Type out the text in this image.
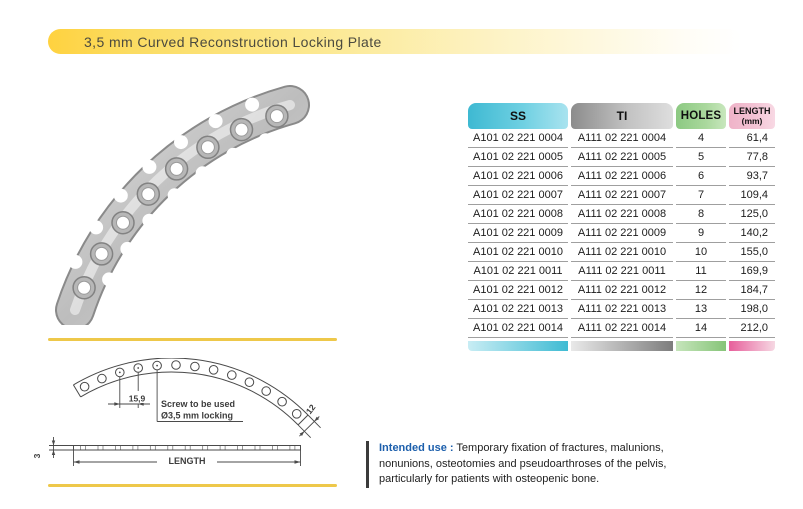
3,5 mm Curved Reconstruction Locking Plate
SS	TI	HOLES	LENGTH
(mm)
A101 02 221 0004	A111 02 221 0004	4	61,4
A101 02 221 0005	A111 02 221 0005	5	77,8
A101 02 221 0006	A111 02 221 0006	6	93,7
A101 02 221 0007	A111 02 221 0007	7	109,4
A101 02 221 0008	A111 02 221 0008	8	125,0
A101 02 221 0009	A111 02 221 0009	9	140,2
A101 02 221 0010	A111 02 221 0010	10	155,0
A101 02 221 0011	A111 02 221 0011	11	169,9
A101 02 221 0012	A111 02 221 0012	12	184,7
A101 02 221 0013	A111 02 221 0013	13	198,0
A101 02 221 0014	A111 02 221 0014	14	212,0
15,9
Screw to be used
Ø3,5 mm locking	12
3	LENGTH
Intended use : Temporary fixation of fractures, malunions, nonunions, osteotomies and pseudoarthroses of the pelvis, particularly for patients with osteopenic bone.
